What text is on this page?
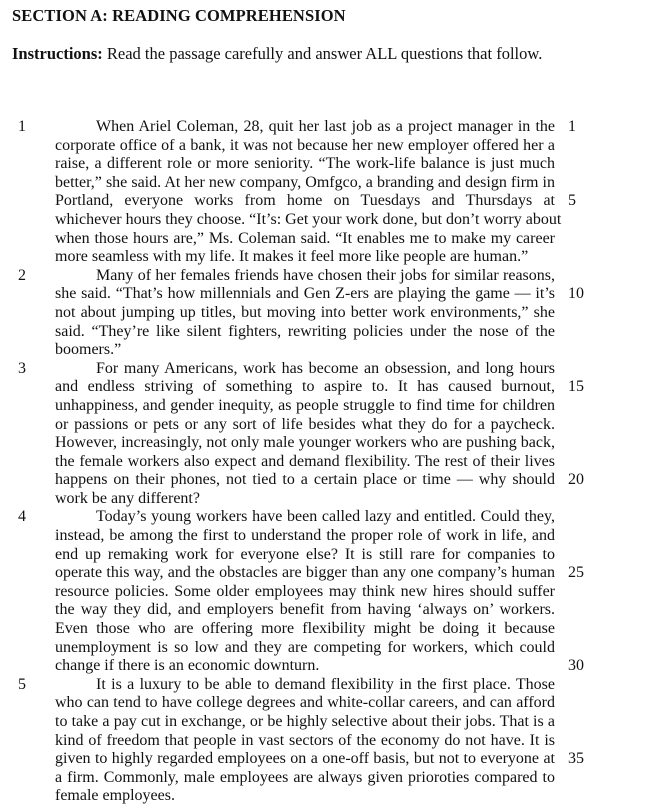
SECTION A: READING COMPREHENSION
Instructions: Read the passage carefully and answer ALL questions that follow.
1	When Ariel Coleman, 28, quit her last job as a project manager in the 1
corporate office of a bank, it was not because her new employer offered her a
raise, a different role or more seniority. “The work-life balance is just much
better,” she said. At her new company, Omfgco, a branding and design firm in
Portland, everyone works from home on Tuesdays and Thursdays at 5
whichever hours they choose. “It’s: Get your work done, but don’t worry about
when those hours are,” Ms. Coleman said. “It enables me to make my career
more seamless with my life. It makes it feel more like people are human.”
2	Many of her females friends have chosen their jobs for similar reasons,
she said. “That’s how millennials and Gen Z-ers are playing the game — it’s 10
not about jumping up titles, but moving into better work environments,” she
said. “They’re like silent fighters, rewriting policies under the nose of the
boomers.”
3	For many Americans, work has become an obsession, and long hours
and endless striving of something to aspire to. It has caused burnout, 15
unhappiness, and gender inequity, as people struggle to find time for children
or passions or pets or any sort of life besides what they do for a paycheck.
However, increasingly, not only male younger workers who are pushing back,
the female workers also expect and demand flexibility. The rest of their lives
happens on their phones, not tied to a certain place or time — why should 20
work be any different?
4	Today’s young workers have been called lazy and entitled. Could they,
instead, be among the first to understand the proper role of work in life, and
end up remaking work for everyone else? It is still rare for companies to
operate this way, and the obstacles are bigger than any one company’s human 25
resource policies. Some older employees may think new hires should suffer
the way they did, and employers benefit from having ‘always on’ workers.
Even those who are offering more flexibility might be doing it because
unemployment is so low and they are competing for workers, which could
change if there is an economic downturn.	30
5	It is a luxury to be able to demand flexibility in the first place. Those
who can tend to have college degrees and white-collar careers, and can afford
to take a pay cut in exchange, or be highly selective about their jobs. That is a
kind of freedom that people in vast sectors of the economy do not have. It is
given to highly regarded employees on a one-off basis, but not to everyone at 35
a firm. Commonly, male employees are always given prioroties compared to
female employees.
